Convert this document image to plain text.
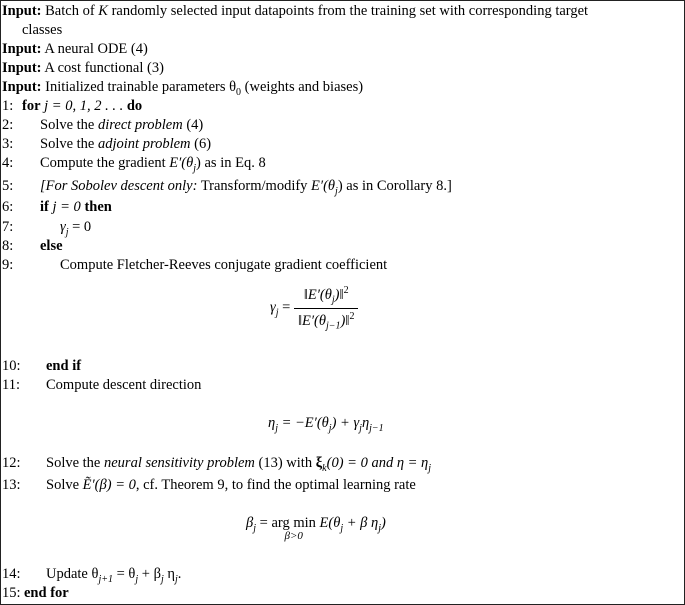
Input: Batch of K randomly selected input datapoints from the training set with corresponding target
classes
Input: A neural ODE (4)
Input: A cost functional (3)
Input: Initialized trainable parameters $\theta_0$ (weights and biases)
1: for j = 0, 1, 2 . . . do
2: Solve the direct problem (4)
3: Solve the adjoint problem (6)
4: Compute the gradient $E'(\theta_j)$ as in Eq. 8
5: [For Sobolev descent only: Transform/modify $E'(\theta_j)$ as in Corollary 8.]
6: if j = 0 then
7:	$\gamma_j = 0$
8: else
9:	Compute Fletcher-Reeves conjugate gradient coefficient
$\gamma_j = \frac{‖E'(\theta_j)‖^2}{‖E'(\theta_{j-1})‖^2}$
10: end if
11: Compute descent direction
$\eta_j = -E'(\theta_j) + \gamma_j\eta_{j-1}$
12: Solve the neural sensitivity problem (13) with $\xi_k(0) = 0$ and $\eta = \eta_j$
13: Solve Ẽ′(β) = 0, cf. Theorem 9, to find the optimal learning rate
$\beta_j$ = arg min
β>0
$E(\theta_j + \beta$ $\eta_j$)
14: Update $\theta_{j+1} = \theta_j + \beta_j$ $\eta_j$.
15: end for
